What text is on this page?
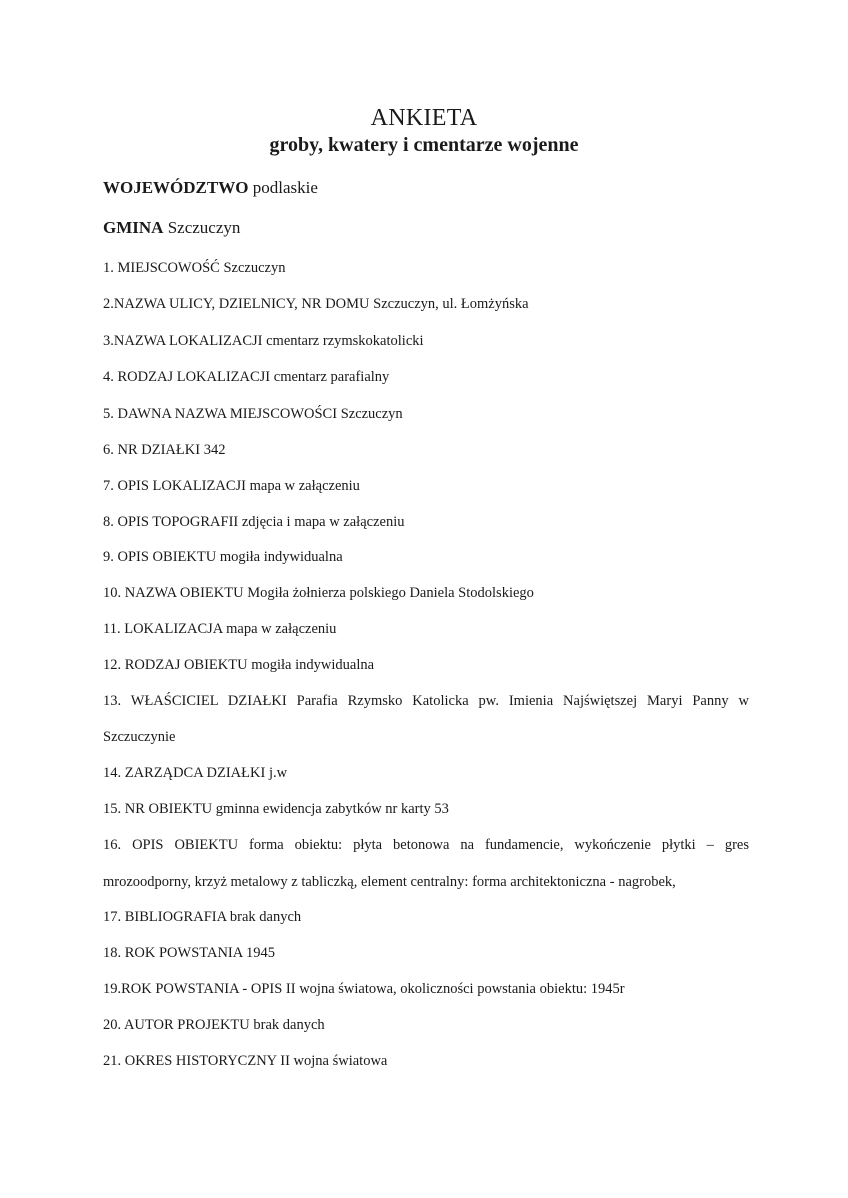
ANKIETA
groby, kwatery i cmentarze wojenne
WOJEWÓDZTWO podlaskie
GMINA Szczuczyn
1. MIEJSCOWOŚĆ Szczuczyn
2.NAZWA ULICY, DZIELNICY, NR DOMU Szczuczyn, ul. Łomżyńska
3.NAZWA LOKALIZACJI cmentarz rzymskokatolicki
4. RODZAJ LOKALIZACJI cmentarz parafialny
5. DAWNA NAZWA MIEJSCOWOŚCI Szczuczyn
6. NR DZIAŁKI 342
7. OPIS LOKALIZACJI mapa w załączeniu
8. OPIS TOPOGRAFII zdjęcia i mapa w załączeniu
9. OPIS OBIEKTU mogiła indywidualna
10. NAZWA OBIEKTU Mogiła żołnierza polskiego Daniela Stodolskiego
11. LOKALIZACJA mapa w załączeniu
12. RODZAJ OBIEKTU mogiła indywidualna
13. WŁAŚCICIEL DZIAŁKI Parafia Rzymsko Katolicka pw. Imienia Najświętszej Maryi Panny w
Szczuczynie
14. ZARZĄDCA DZIAŁKI j.w
15. NR OBIEKTU gminna ewidencja zabytków nr karty 53
16. OPIS OBIEKTU forma obiektu: płyta betonowa na fundamencie, wykończenie płytki – gres
mrozoodporny, krzyż metalowy z tabliczką, element centralny: forma architektoniczna - nagrobek,
17. BIBLIOGRAFIA brak danych
18. ROK POWSTANIA 1945
19.ROK POWSTANIA - OPIS II wojna światowa, okoliczności powstania obiektu: 1945r
20. AUTOR PROJEKTU brak danych
21. OKRES HISTORYCZNY II wojna światowa
